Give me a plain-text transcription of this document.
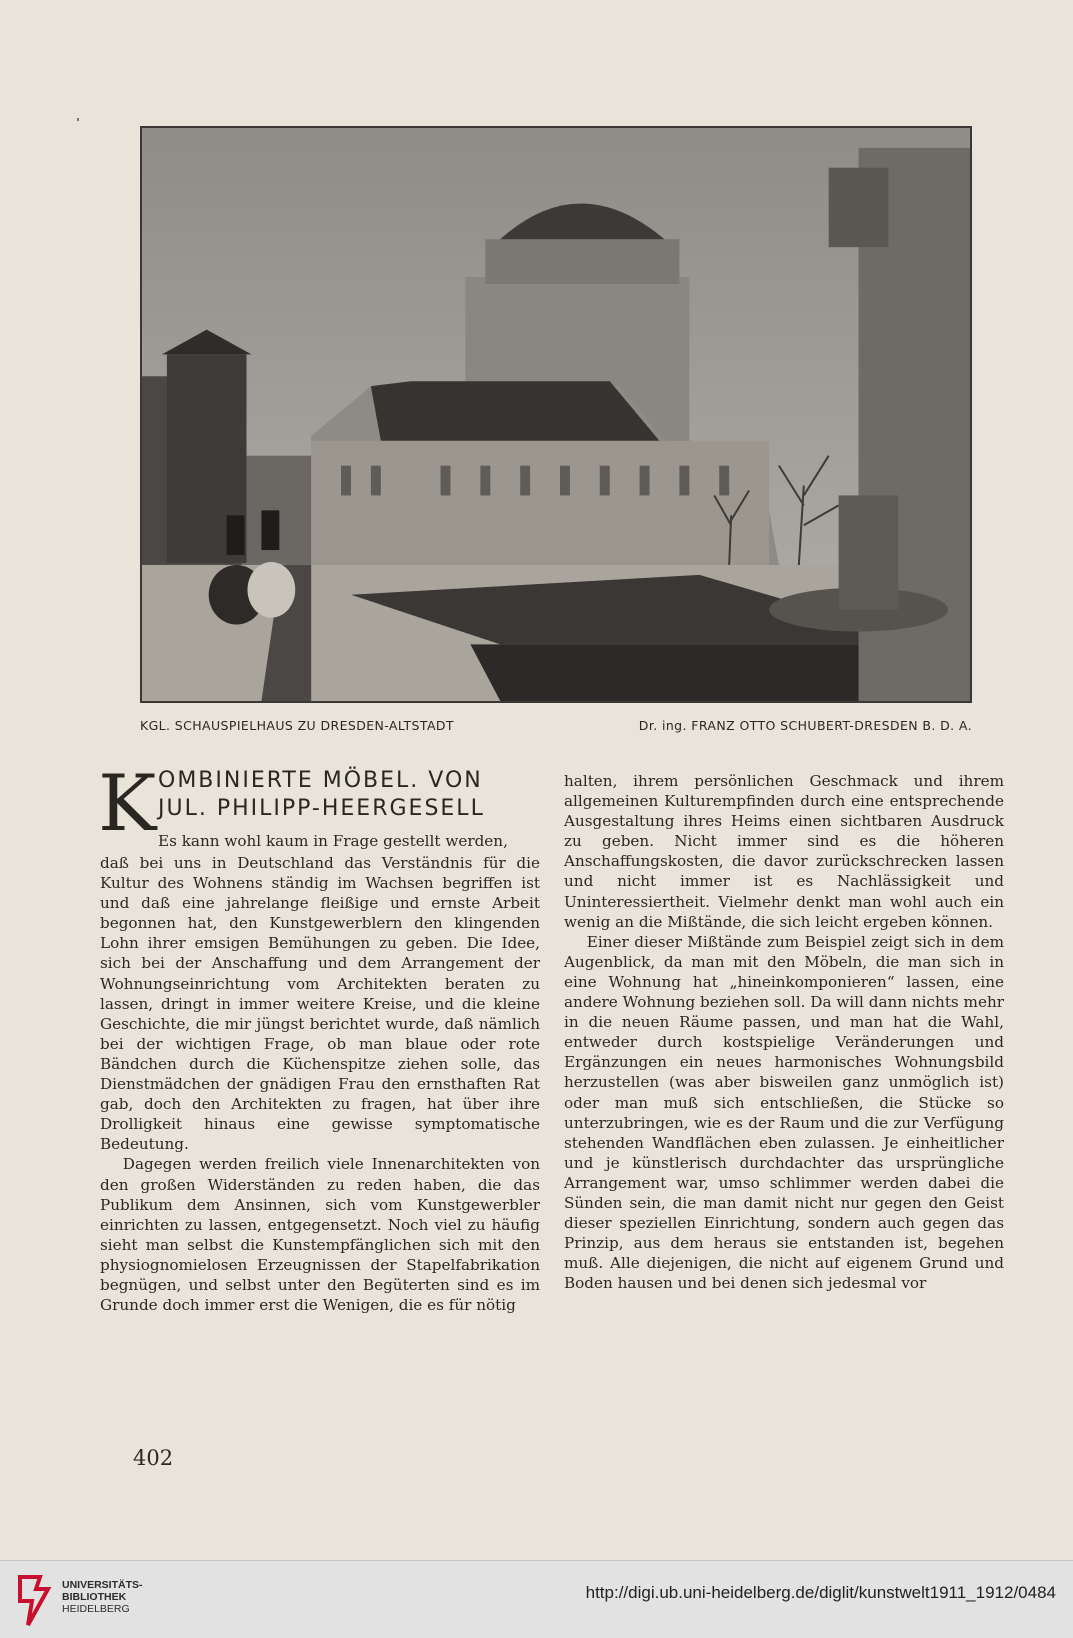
KGL. SCHAUSPIELHAUS ZU DRESDEN-ALTSTADT	Dr. ing. FRANZ OTTO SCHUBERT-DRESDEN B. D. A.
K OMBINIERTE MÖBEL. VON
JUL. PHILIPP-HEERGESELL
Es kann wohl kaum in Frage gestellt werden,

daß bei uns in Deutschland das Verständnis für die Kultur des Wohnens ständig im Wachsen begriffen ist und daß eine jahrelange fleißige und ernste Arbeit begonnen hat, den Kunstgewerblern den klingenden Lohn ihrer emsigen Bemühungen zu geben. Die Idee, sich bei der Anschaffung und dem Arrangement der Wohnungseinrichtung vom Architekten beraten zu lassen, dringt in immer weitere Kreise, und die kleine Geschichte, die mir jüngst berichtet wurde, daß nämlich bei der wichtigen Frage, ob man blaue oder rote Bändchen durch die Küchenspitze ziehen solle, das Dienstmädchen der gnädigen Frau den ernsthaften Rat gab, doch den Architekten zu fragen, hat über ihre Drolligkeit hinaus eine gewisse symptomatische Bedeutung.

Dagegen werden freilich viele Innenarchitekten von den großen Widerständen zu reden haben, die das Publikum dem Ansinnen, sich vom Kunstgewerbler einrichten zu lassen, entgegensetzt. Noch viel zu häufig sieht man selbst die Kunstempfänglichen sich mit den physiognomielosen Erzeugnissen der Stapelfabrikation begnügen, und selbst unter den Begüterten sind es im Grunde doch immer erst die Wenigen, die es für nötig

halten, ihrem persönlichen Geschmack und ihrem allgemeinen Kulturempfinden durch eine entsprechende Ausgestaltung ihres Heims einen sichtbaren Ausdruck zu geben. Nicht immer sind es die höheren Anschaffungskosten, die davor zurückschrecken lassen und nicht immer ist es Nachlässigkeit und Uninteressiertheit. Vielmehr denkt man wohl auch ein wenig an die Mißtände, die sich leicht ergeben können.

Einer dieser Mißtände zum Beispiel zeigt sich in dem Augenblick, da man mit den Möbeln, die man sich in eine Wohnung hat „hineinkomponieren“ lassen, eine andere Wohnung beziehen soll. Da will dann nichts mehr in die neuen Räume passen, und man hat die Wahl, entweder durch kostspielige Veränderungen und Ergänzungen ein neues harmonisches Wohnungsbild herzustellen (was aber bisweilen ganz unmöglich ist) oder man muß sich entschließen, die Stücke so unterzubringen, wie es der Raum und die zur Verfügung stehenden Wandflächen eben zulassen. Je einheitlicher und je künstlerisch durchdachter das ursprüngliche Arrangement war, umso schlimmer werden dabei die Sünden sein, die man damit nicht nur gegen den Geist dieser speziellen Einrichtung, sondern auch gegen das Prinzip, aus dem heraus sie entstanden ist, begehen muß. Alle diejenigen, die nicht auf eigenem Grund und Boden hausen und bei denen sich jedesmal vor

402
UNIVERSITÄTS-
BIBLIOTHEK
HEIDELBERG
http://digi.ub.uni-heidelberg.de/diglit/kunstwelt1911_1912/0484
